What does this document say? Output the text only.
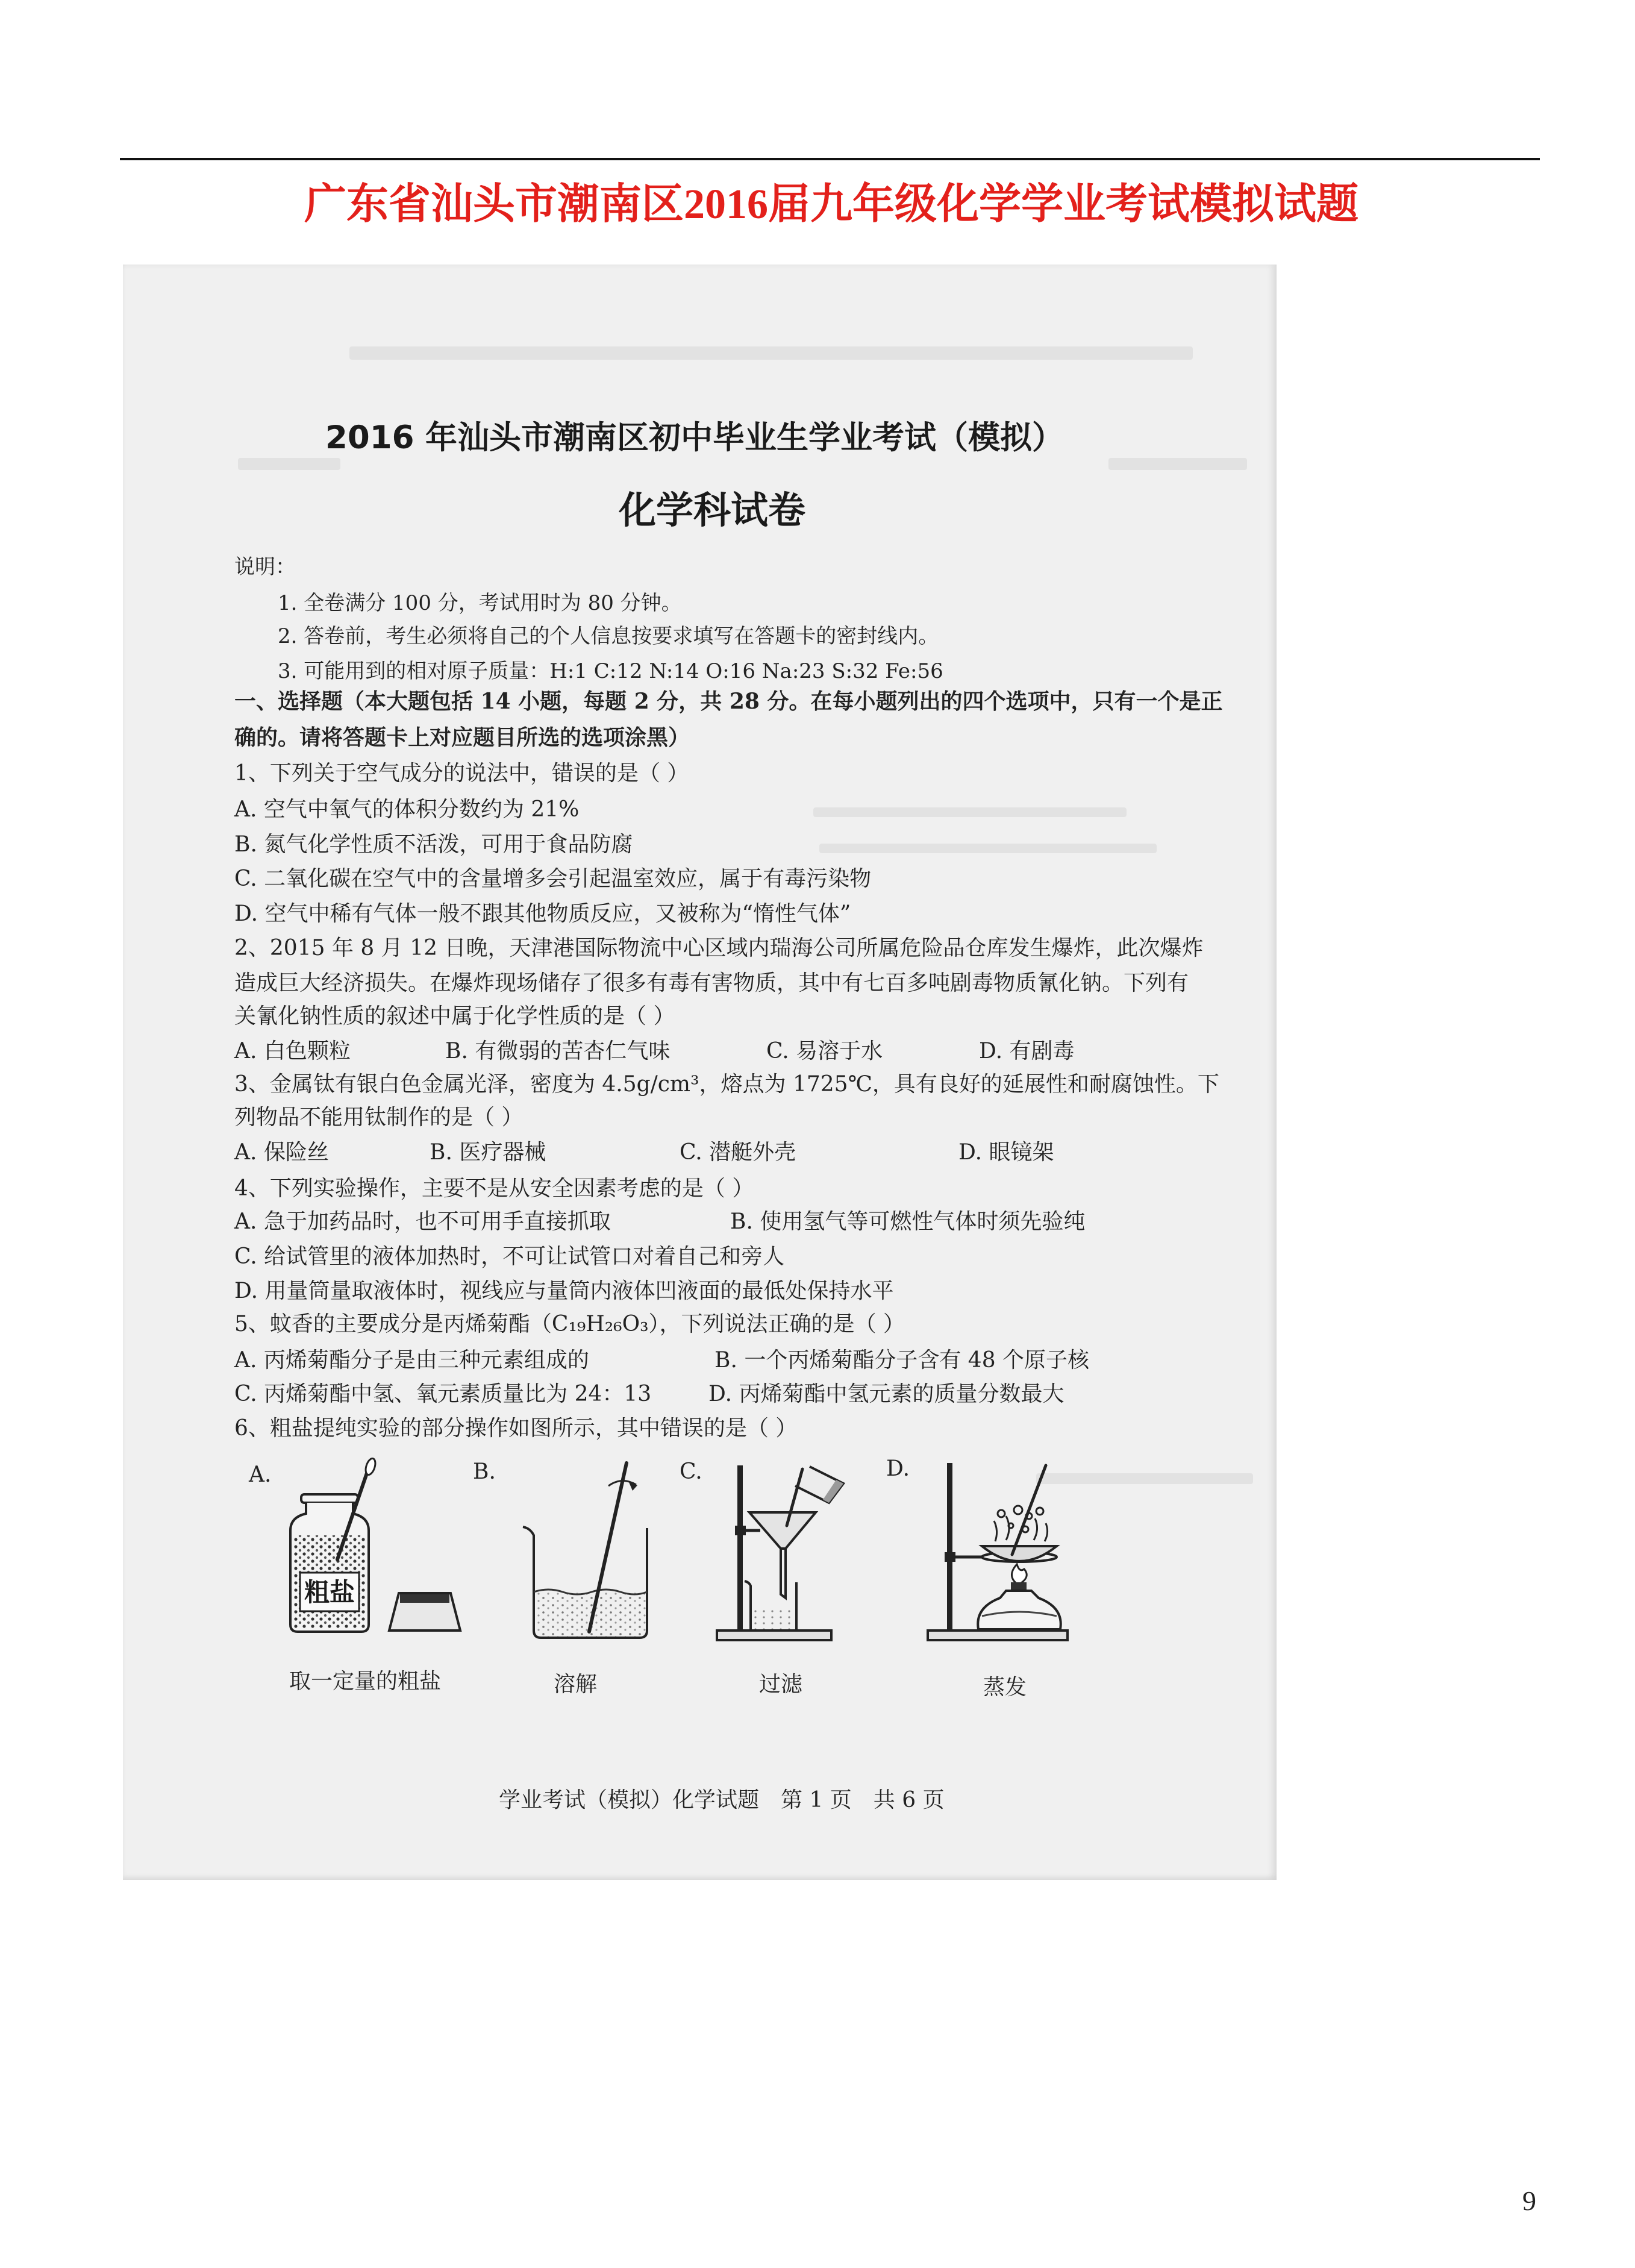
广东省汕头市潮南区2016届九年级化学学业考试模拟试题
2016 年汕头市潮南区初中毕业生学业考试（模拟）
化学科试卷
说明：
1. 全卷满分 100 分，考试用时为 80 分钟。
2. 答卷前，考生必须将自己的个人信息按要求填写在答题卡的密封线内。
3. 可能用到的相对原子质量：H:1 C:12 N:14 O:16 Na:23 S:32 Fe:56
一、选择题（本大题包括 14 小题，每题 2 分，共 28 分。在每小题列出的四个选项中，只有一个是正
确的。请将答题卡上对应题目所选的选项涂黑）
1、下列关于空气成分的说法中，错误的是（ ）
A. 空气中氧气的体积分数约为 21%
B. 氮气化学性质不活泼，可用于食品防腐
C. 二氧化碳在空气中的含量增多会引起温室效应，属于有毒污染物
D. 空气中稀有气体一般不跟其他物质反应，又被称为“惰性气体”
2、2015 年 8 月 12 日晚，天津港国际物流中心区域内瑞海公司所属危险品仓库发生爆炸，此次爆炸
造成巨大经济损失。在爆炸现场储存了很多有毒有害物质，其中有七百多吨剧毒物质氰化钠。下列有
关氰化钠性质的叙述中属于化学性质的是（ ）
A. 白色颗粒	B. 有微弱的苦杏仁气味	C. 易溶于水	D. 有剧毒
3、金属钛有银白色金属光泽，密度为 4.5g/cm³，熔点为 1725℃，具有良好的延展性和耐腐蚀性。下
列物品不能用钛制作的是（ ）
A. 保险丝	B. 医疗器械	C. 潜艇外壳	D. 眼镜架
4、下列实验操作，主要不是从安全因素考虑的是（ ）
A. 急于加药品时，也不可用手直接抓取	B. 使用氢气等可燃性气体时须先验纯
C. 给试管里的液体加热时，不可让试管口对着自己和旁人
D. 用量筒量取液体时，视线应与量筒内液体凹液面的最低处保持水平
5、蚊香的主要成分是丙烯菊酯（C₁₉H₂₆O₃），下列说法正确的是（ ）
A. 丙烯菊酯分子是由三种元素组成的	B. 一个丙烯菊酯分子含有 48 个原子核
C. 丙烯菊酯中氢、氧元素质量比为 24：13	D. 丙烯菊酯中氢元素的质量分数最大
6、粗盐提纯实验的部分操作如图所示，其中错误的是（ ）
A.	B.	C.	D.
粗盐
取一定量的粗盐	溶解	过滤	蒸发
学业考试（模拟）化学试题　第 1 页　共 6 页
9
